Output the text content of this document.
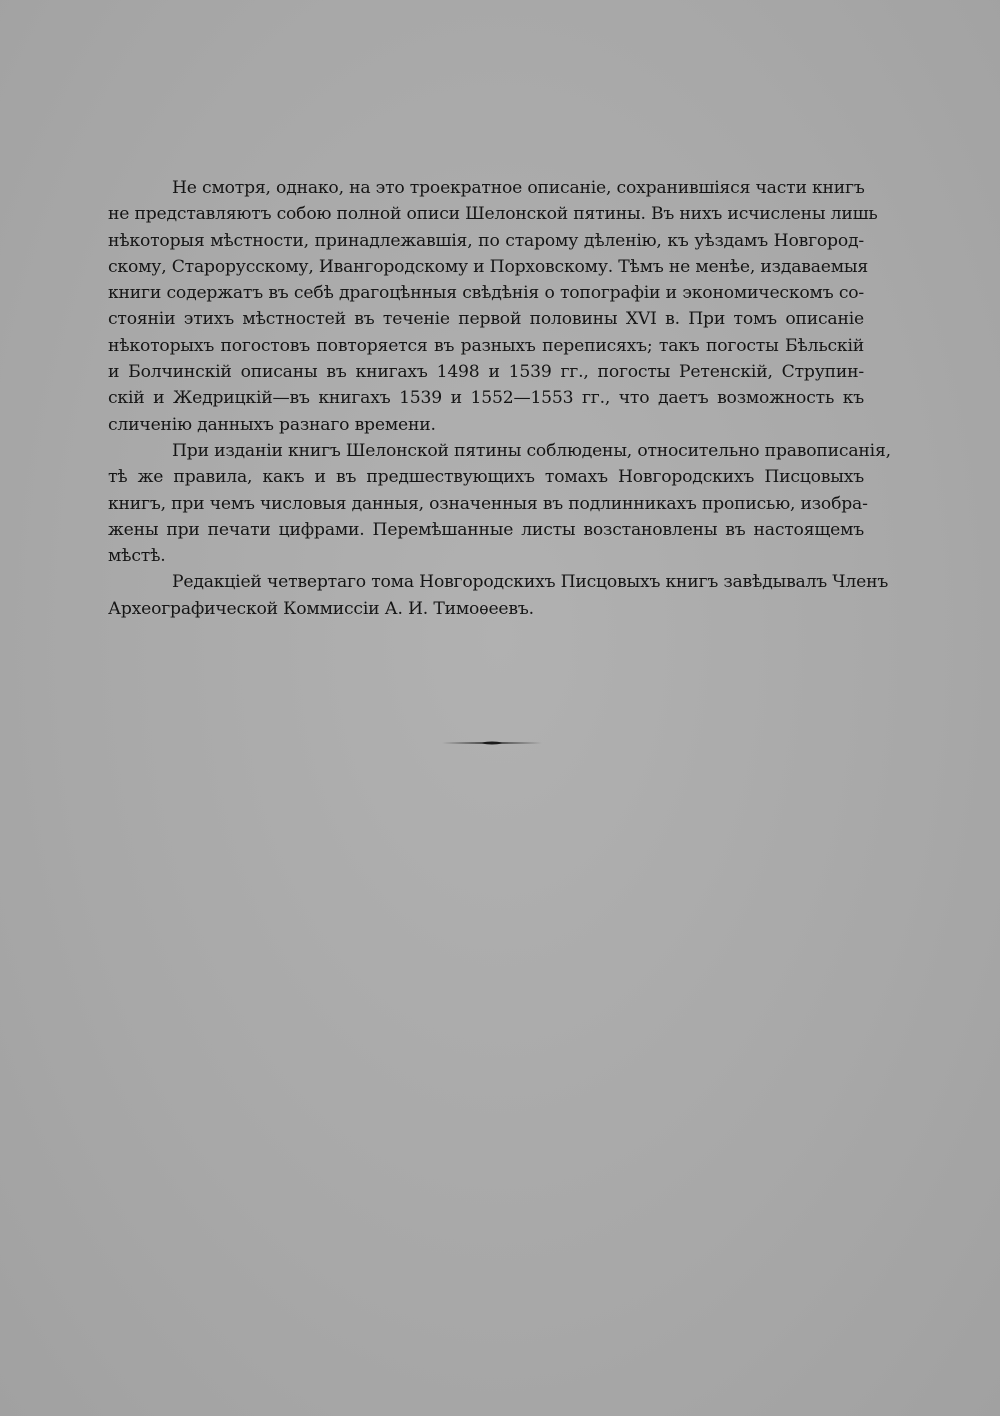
Не смотря, однако, на это троекратное описаніе, сохранившіяся части книгъ
не представляютъ собою полной описи Шелонской пятины. Въ нихъ исчислены лишь
нѣкоторыя мѣстности, принадлежавшія, по старому дѣленію, къ уѣздамъ Новгород-
скому, Старорусскому, Ивангородскому и Порховскому. Тѣмъ не менѣе, издаваемыя
книги содержатъ въ себѣ драгоцѣнныя свѣдѣнія о топографіи и экономическомъ со-
стояніи этихъ мѣстностей въ теченіе первой половины XVI в. При томъ описаніе
нѣкоторыхъ погостовъ повторяется въ разныхъ переписяхъ; такъ погосты Бѣльскій
и Болчинскій описаны въ книгахъ 1498 и 1539 гг., погосты Ретенскій, Струпин-
скій и Жедрицкій—въ книгахъ 1539 и 1552—1553 гг., что даетъ возможность къ
сличенію данныхъ разнаго времени.
При изданіи книгъ Шелонской пятины соблюдены, относительно правописанія,
тѣ же правила, какъ и въ предшествующихъ томахъ Новгородскихъ Писцовыхъ
книгъ, при чемъ числовыя данныя, означенныя въ подлинникахъ прописью, изобра-
жены при печати цифрами. Перемѣшанные листы возстановлены въ настоящемъ
мѣстѣ.
Редакціей четвертаго тома Новгородскихъ Писцовыхъ книгъ завѣдывалъ Членъ
Археографической Коммиссіи А. И. Тимоѳеевъ.
